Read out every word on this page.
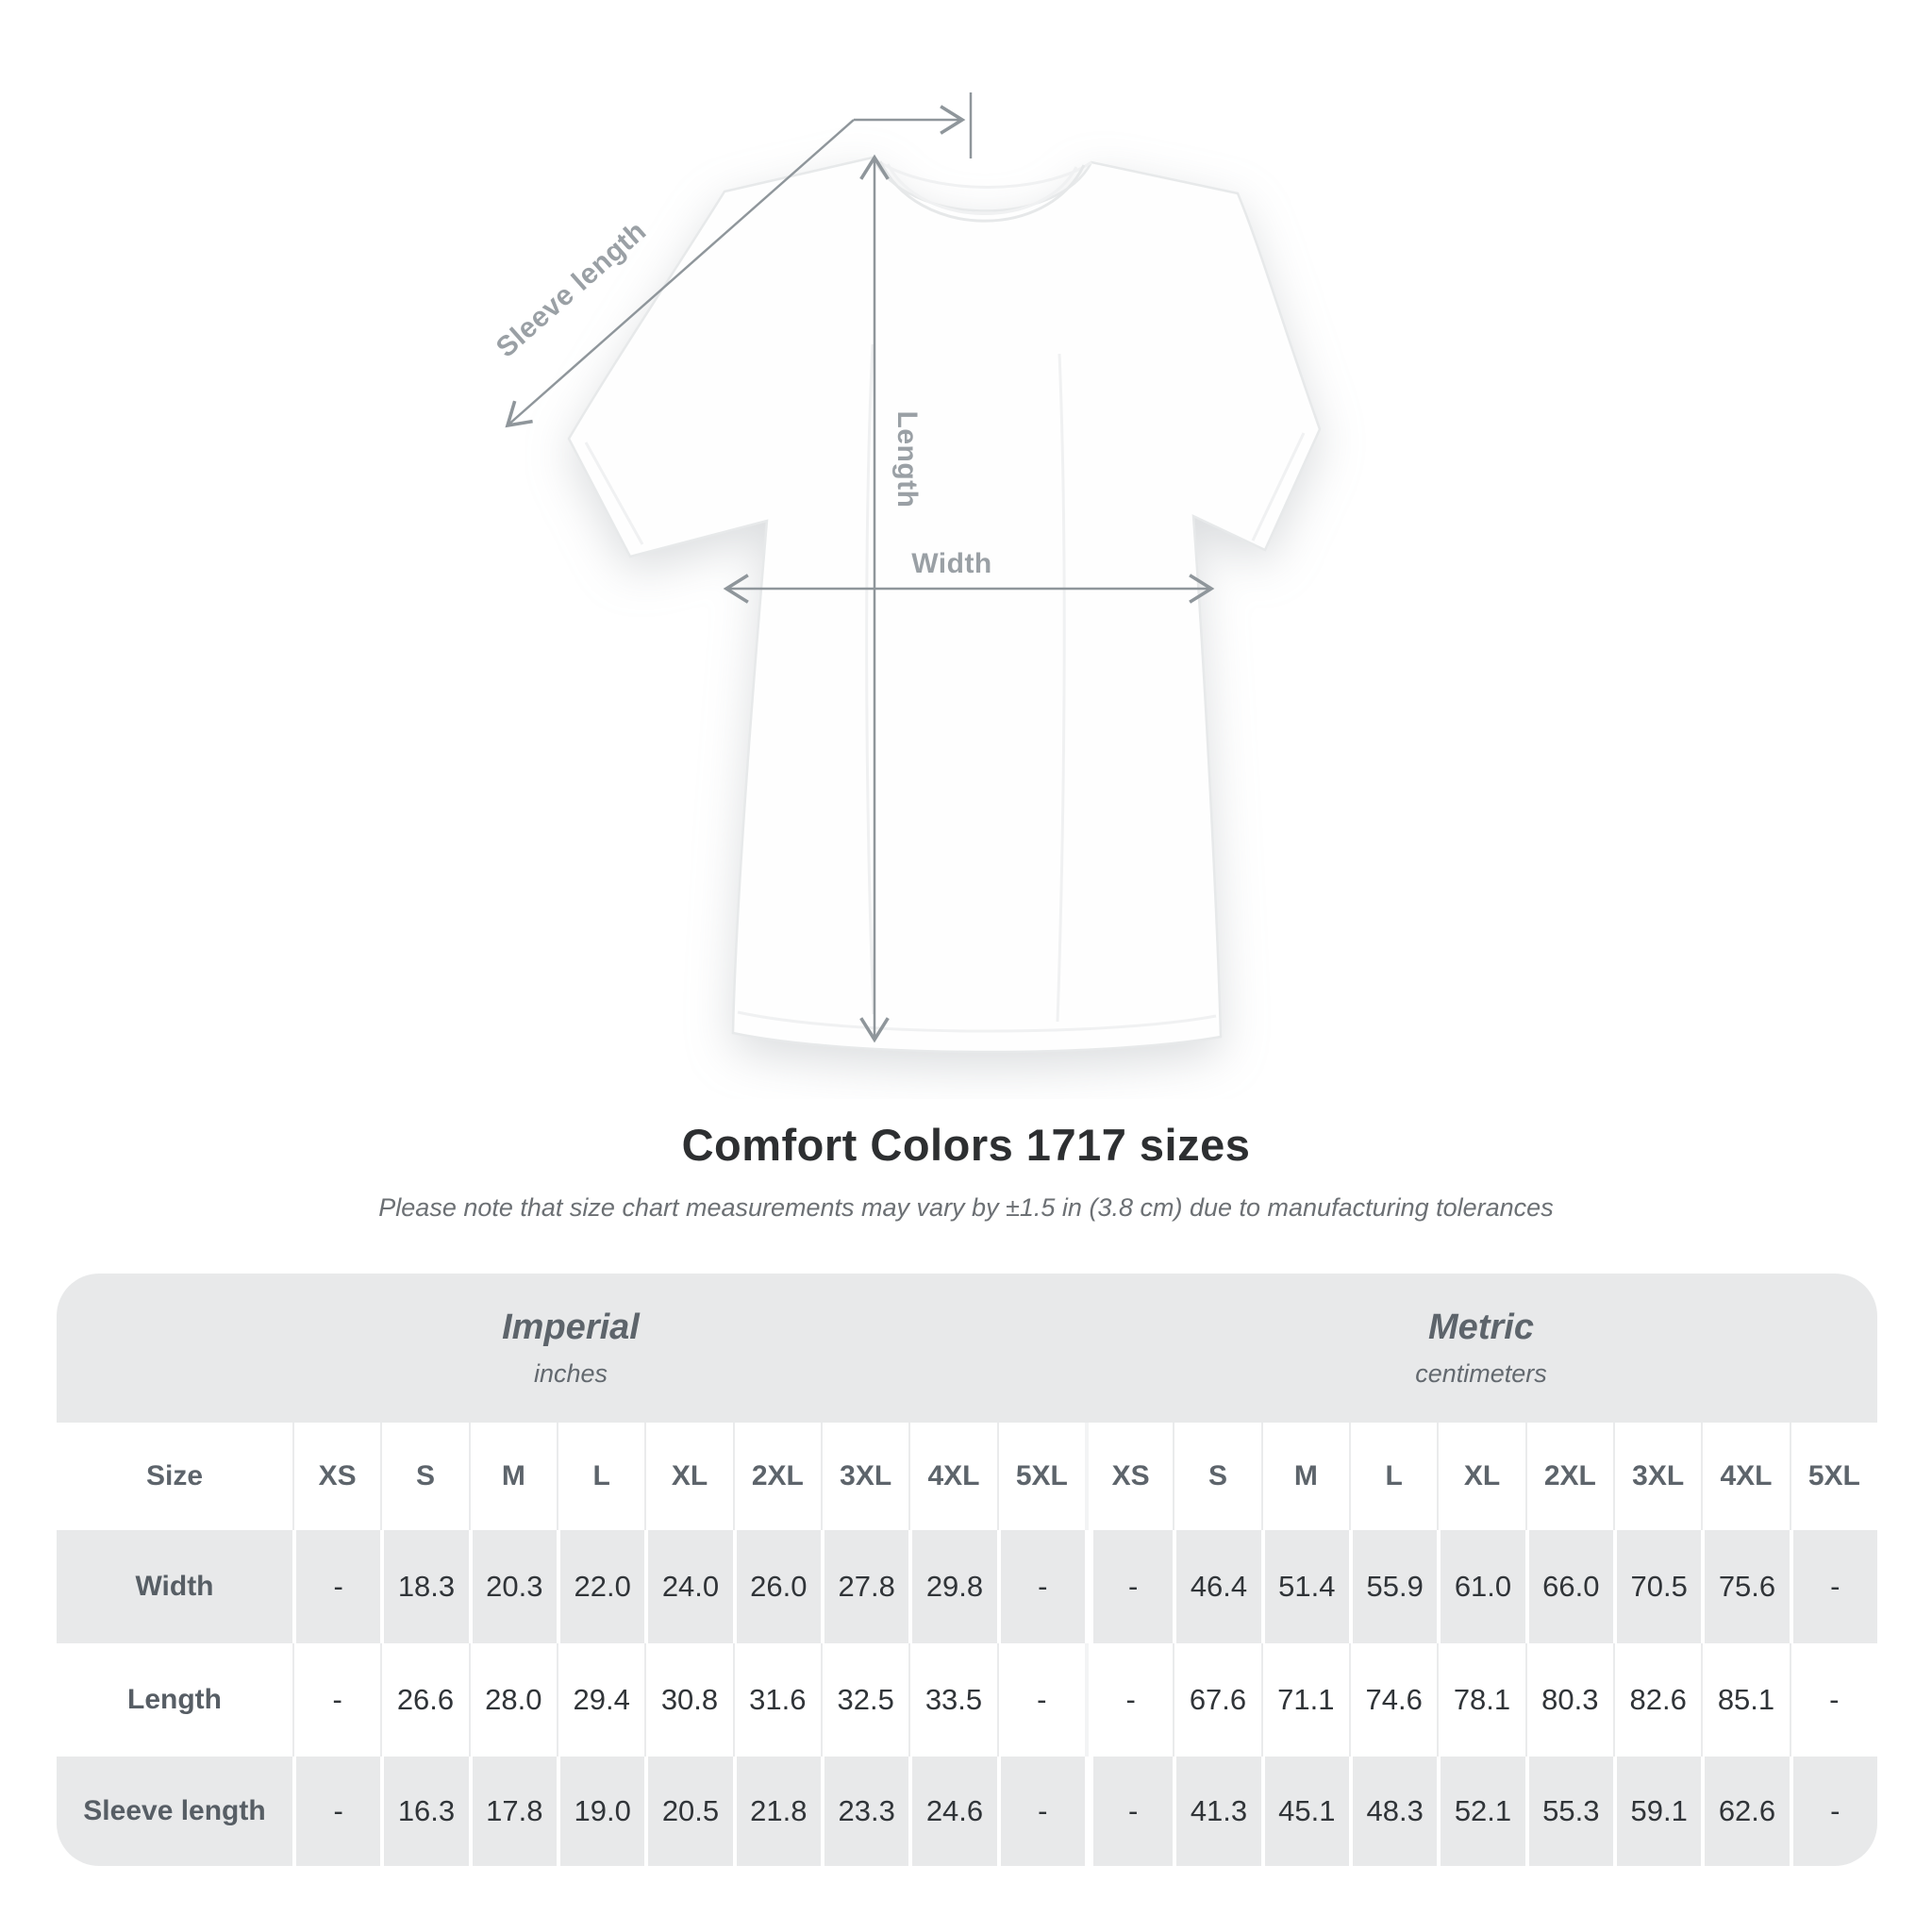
Sleeve length
Length
Width
Comfort Colors 1717 sizes

Please note that size chart measurements may vary by ±1.5 in (3.8 cm) due to manufacturing tolerances

Imperial
inches
Metric
centimeters
Size	XS	S	M	L	XL	2XL	3XL	4XL	5XL	XS	S	M	L	XL	2XL	3XL	4XL	5XL
Width	-	18.3	20.3	22.0	24.0	26.0	27.8	29.8	-	-	46.4	51.4	55.9	61.0	66.0	70.5	75.6	-
Length	-	26.6	28.0	29.4	30.8	31.6	32.5	33.5	-	-	67.6	71.1	74.6	78.1	80.3	82.6	85.1	-
Sleeve length	-	16.3	17.8	19.0	20.5	21.8	23.3	24.6	-	-	41.3	45.1	48.3	52.1	55.3	59.1	62.6	-
